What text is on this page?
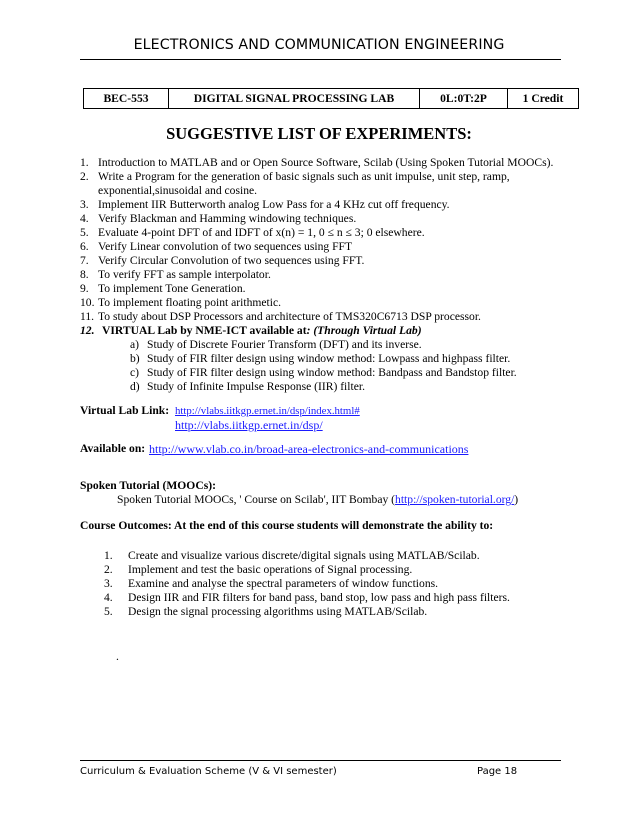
ELECTRONICS AND COMMUNICATION ENGINEERING
BEC-553	DIGITAL SIGNAL PROCESSING LAB	0L:0T:2P	1 Credit
SUGGESTIVE LIST OF EXPERIMENTS:
1. Introduction to MATLAB and or Open Source Software, Scilab (Using Spoken Tutorial MOOCs).
2. Write a Program for the generation of basic signals such as unit impulse, unit step, ramp,
exponential,sinusoidal and cosine.
3. Implement IIR Butterworth analog Low Pass for a 4 KHz cut off frequency.
4. Verify Blackman and Hamming windowing techniques.
5. Evaluate 4-point DFT of and IDFT of x(n) = 1, 0 ≤ n ≤ 3; 0 elsewhere.
6. Verify Linear convolution of two sequences using FFT
7. Verify Circular Convolution of two sequences using FFT.
8. To verify FFT as sample interpolator.
9. To implement Tone Generation.
10. To implement floating point arithmetic.
11. To study about DSP Processors and architecture of TMS320C6713 DSP processor.
12. VIRTUAL Lab by NME-ICT available at: (Through Virtual Lab)
a) Study of Discrete Fourier Transform (DFT) and its inverse.
b) Study of FIR filter design using window method: Lowpass and highpass filter.
c) Study of FIR filter design using window method: Bandpass and Bandstop filter.
d) Study of Infinite Impulse Response (IIR) filter.
Virtual Lab Link: http://vlabs.iitkgp.ernet.in/dsp/index.html#
http://vlabs.iitkgp.ernet.in/dsp/
Available on: http://www.vlab.co.in/broad-area-electronics-and-communications
Spoken Tutorial (MOOCs):
Spoken Tutorial MOOCs, ' Course on Scilab', IIT Bombay (http://spoken-tutorial.org/)
Course Outcomes: At the end of this course students will demonstrate the ability to:
1. Create and visualize various discrete/digital signals using MATLAB/Scilab.
2. Implement and test the basic operations of Signal processing.
3. Examine and analyse the spectral parameters of window functions.
4. Design IIR and FIR filters for band pass, band stop, low pass and high pass filters.
5. Design the signal processing algorithms using MATLAB/Scilab.
.
Curriculum & Evaluation Scheme (V & VI semester)	Page 18
